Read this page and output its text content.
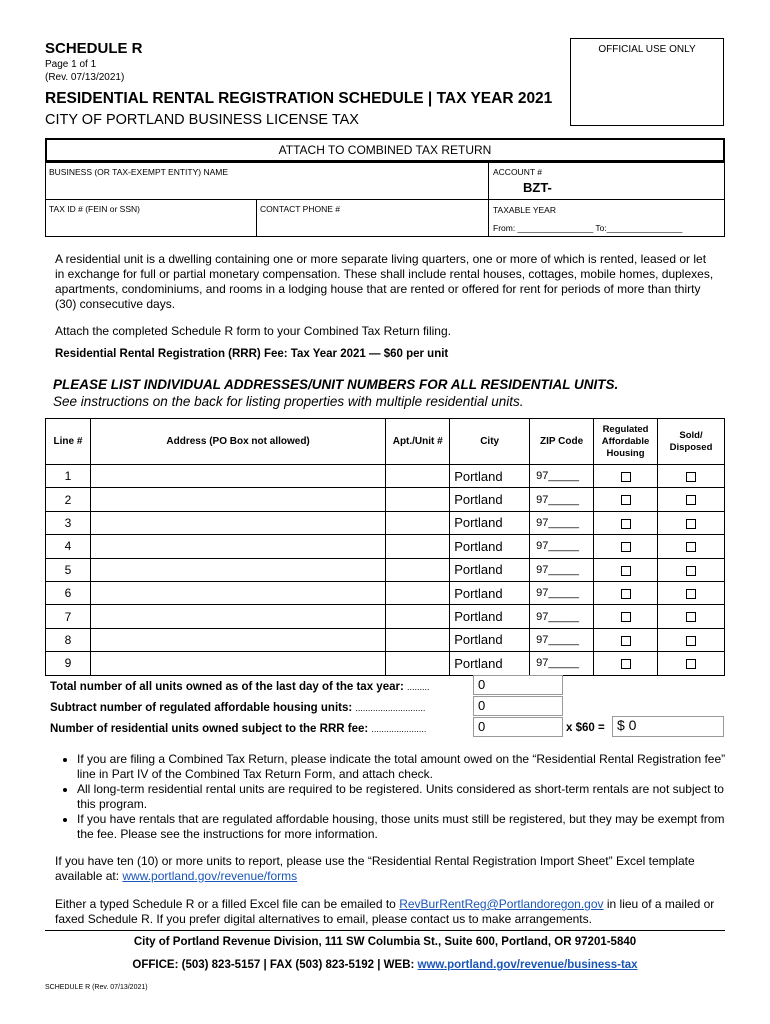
SCHEDULE R
Page 1 of 1
(Rev. 07/13/2021)
OFFICIAL USE ONLY
RESIDENTIAL RENTAL REGISTRATION SCHEDULE | TAX YEAR 2021
CITY OF PORTLAND BUSINESS LICENSE TAX
ATTACH TO COMBINED TAX RETURN
BUSINESS (OR TAX-EXEMPT ENTITY) NAME	ACCOUNT #
BZT-
TAX ID # (FEIN or SSN)	CONTACT PHONE #	TAXABLE YEAR
From: ________________ To:________________
A residential unit is a dwelling containing one or more separate living quarters, one or more of which is rented, leased or let in exchange for full or partial monetary compensation. These shall include rental houses, cottages, mobile homes, duplexes, apartments, condominiums, and rooms in a lodging house that are rented or offered for rent for periods of more than thirty (30) consecutive days.
Attach the completed Schedule R form to your Combined Tax Return filing.
Residential Rental Registration (RRR) Fee: Tax Year 2021 — $60 per unit
PLEASE LIST INDIVIDUAL ADDRESSES/UNIT NUMBERS FOR ALL RESIDENTIAL UNITS.
See instructions on the back for listing properties with multiple residential units.
Line #	Address (PO Box not allowed)	Apt./Unit #	City	ZIP Code	Regulated Affordable Housing	Sold/ Disposed
1			Portland	97_____		
2			Portland	97_____		
3			Portland	97_____		
4			Portland	97_____		
5			Portland	97_____		
6			Portland	97_____		
7			Portland	97_____		
8			Portland	97_____		
9			Portland	97_____		
Total number of all units owned as of the last day of the tax year: .........	0
Subtract number of regulated affordable housing units: ............................	0
Number of residential units owned subject to the RRR fee: ......................	0	x $60 = $ 0
• If you are filing a Combined Tax Return, please indicate the total amount owed on the “Residential Rental Registration fee” line in Part IV of the Combined Tax Return Form, and attach check.
• All long-term residential rental units are required to be registered. Units considered as short-term rentals are not subject to this program.
• If you have rentals that are regulated affordable housing, those units must still be registered, but they may be exempt from the fee. Please see the instructions for more information.
If you have ten (10) or more units to report, please use the “Residential Rental Registration Import Sheet” Excel template available at: www.portland.gov/revenue/forms
Either a typed Schedule R or a filled Excel file can be emailed to RevBurRentReg@Portlandoregon.gov in lieu of a mailed or faxed Schedule R. If you prefer digital alternatives to email, please contact us to make arrangements.
City of Portland Revenue Division, 111 SW Columbia St., Suite 600, Portland, OR 97201-5840
OFFICE: (503) 823-5157 | FAX (503) 823-5192 | WEB: www.portland.gov/revenue/business-tax
SCHEDULE R (Rev. 07/13/2021)
